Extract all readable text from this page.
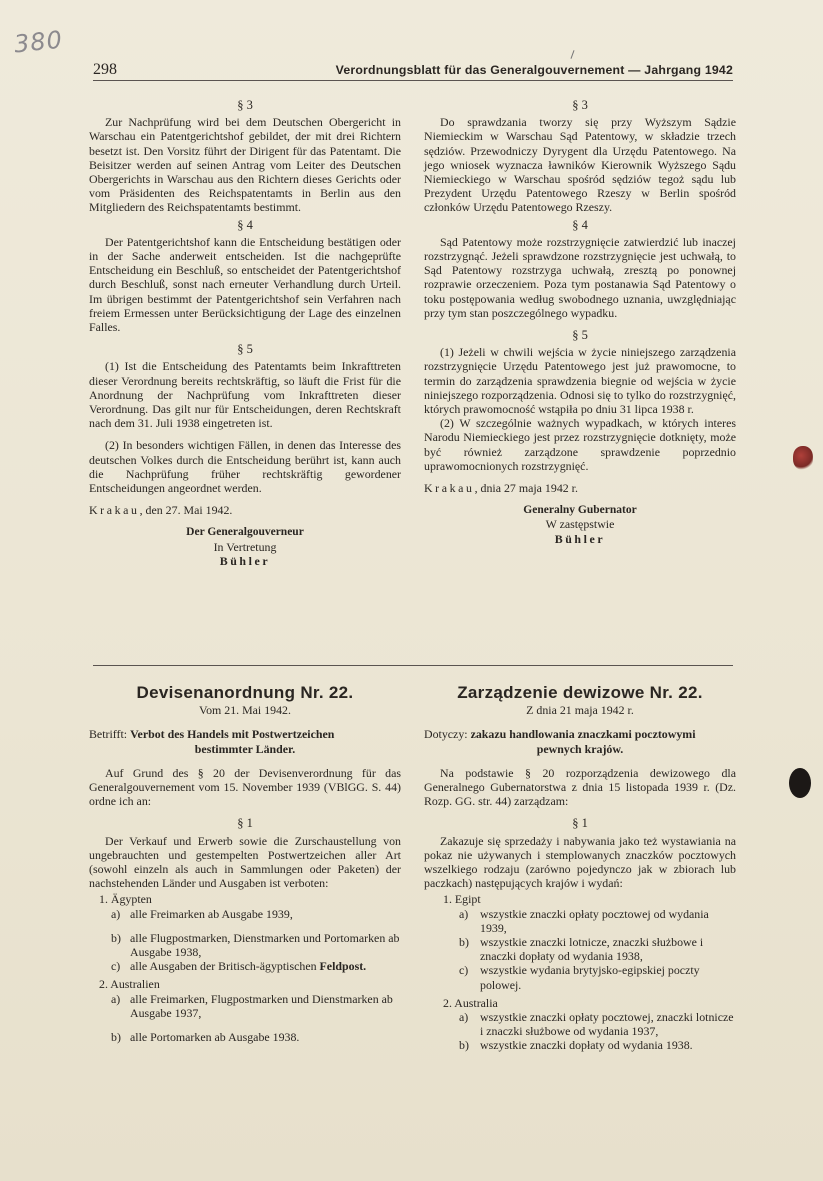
380
298	Verordnungsblatt für das Generalgouvernement — Jahrgang 1942
§ 3

Zur Nachprüfung wird bei dem Deutschen Obergericht in Warschau ein Patentgerichtshof gebildet, der mit drei Richtern besetzt ist. Den Vorsitz führt der Dirigent für das Patentamt. Die Beisitzer werden auf seinen Antrag vom Leiter des Deutschen Obergerichts in Warschau aus den Richtern dieses Gerichts oder vom Präsidenten des Reichspatentamts in Berlin aus den Mitgliedern des Reichspatentamts bestimmt.

§ 4

Der Patentgerichtshof kann die Entscheidung bestätigen oder in der Sache anderweit entscheiden. Ist die nachgeprüfte Entscheidung ein Beschluß, so entscheidet der Patentgerichtshof durch Beschluß, sonst nach erneuter Verhandlung durch Urteil. Im übrigen bestimmt der Patentgerichtshof sein Verfahren nach freiem Ermessen unter Berücksichtigung der Lage des einzelnen Falles.

§ 5

(1) Ist die Entscheidung des Patentamts beim Inkrafttreten dieser Verordnung bereits rechtskräftig, so läuft die Frist für die Anordnung der Nachprüfung vom Inkrafttreten dieser Verordnung. Das gilt nur für Entscheidungen, deren Rechtskraft nach dem 31. Juli 1938 eingetreten ist.

(2) In besonders wichtigen Fällen, in denen das Interesse des deutschen Volkes durch die Entscheidung berührt ist, kann auch die Nachprüfung früher rechtskräftig gewordener Entscheidungen angeordnet werden.

Krakau, den 27. Mai 1942.

Der Generalgouverneur
In Vertretung
Bühler
§ 3

Do sprawdzania tworzy się przy Wyższym Sądzie Niemieckim w Warschau Sąd Patentowy, w składzie trzech sędziów. Przewodniczy Dyrygent dla Urzędu Patentowego. Na jego wniosek wyznacza ławników Kierownik Wyższego Sądu Niemieckiego w Warschau spośród sędziów tegoż sądu lub Prezydent Urzędu Patentowego Rzeszy w Berlin spośród członków Urzędu Patentowego Rzeszy.

§ 4

Sąd Patentowy może rozstrzygnięcie zatwierdzić lub inaczej rozstrzygnąć. Jeżeli sprawdzone rozstrzygnięcie jest uchwałą, to Sąd Patentowy rozstrzyga uchwałą, zresztą po ponownej rozprawie orzeczeniem. Poza tym postanawia Sąd Patentowy o toku postępowania według swobodnego uznania, uwzględniając przy tym stan poszczególnego wypadku.

§ 5

(1) Jeżeli w chwili wejścia w życie niniejszego zarządzenia rozstrzygnięcie Urzędu Patentowego jest już prawomocne, to termin do zarządzenia sprawdzenia biegnie od wejścia w życie niniejszego rozporządzenia. Odnosi się to tylko do rozstrzygnięć, których prawomocność wstąpiła po dniu 31 lipca 1938 r.

(2) W szczególnie ważnych wypadkach, w których interes Narodu Niemieckiego jest przez rozstrzygnięcie dotknięty, może być również zarządzone sprawdzenie poprzednio uprawomocnionych rozstrzygnięć.

Krakau, dnia 27 maja 1942 r.

Generalny Gubernator
W zastępstwie
Bühler
Devisenanordnung Nr. 22.
Vom 21. Mai 1942.
Betrifft: Verbot des Handels mit Postwertzeichen
bestimmter Länder.

Auf Grund des § 20 der Devisenverordnung für das Generalgouvernement vom 15. November 1939 (VBlGG. S. 44) ordne ich an:

§ 1

Der Verkauf und Erwerb sowie die Zurschaustellung von ungebrauchten und gestempelten Postwertzeichen aller Art (sowohl einzeln als auch in Sammlungen oder Paketen) der nachstehenden Länder und Ausgaben ist verboten:

1. Ägypten

a) alle Freimarken ab Ausgabe 1939,
b) alle Flugpostmarken, Dienstmarken und Portomarken ab Ausgabe 1938,
c) alle Ausgaben der Britisch-ägyptischen Feldpost.
2. Australien

a) alle Freimarken, Flugpostmarken und Dienstmarken ab Ausgabe 1937,
b) alle Portomarken ab Ausgabe 1938.
Zarządzenie dewizowe Nr. 22.
Z dnia 21 maja 1942 r.
Dotyczy: zakazu handlowania znaczkami pocztowymi
pewnych krajów.

Na podstawie § 20 rozporządzenia dewizowego dla Generalnego Gubernatorstwa z dnia 15 listopada 1939 r. (Dz. Rozp. GG. str. 44) zarządzam:

§ 1

Zakazuje się sprzedaży i nabywania jako też wystawiania na pokaz nie używanych i stemplowanych znaczków pocztowych wszelkiego rodzaju (zarówno pojedynczo jak w zbiorach lub paczkach) następujących krajów i wydań:

1. Egipt

a) wszystkie znaczki opłaty pocztowej od wydania 1939,
b) wszystkie znaczki lotnicze, znaczki służbowe i znaczki dopłaty od wydania 1938,
c) wszystkie wydania brytyjsko-egipskiej poczty polowej.
2. Australia

a) wszystkie znaczki opłaty pocztowej, znaczki lotnicze i znaczki służbowe od wydania 1937,
b) wszystkie znaczki dopłaty od wydania 1938.
